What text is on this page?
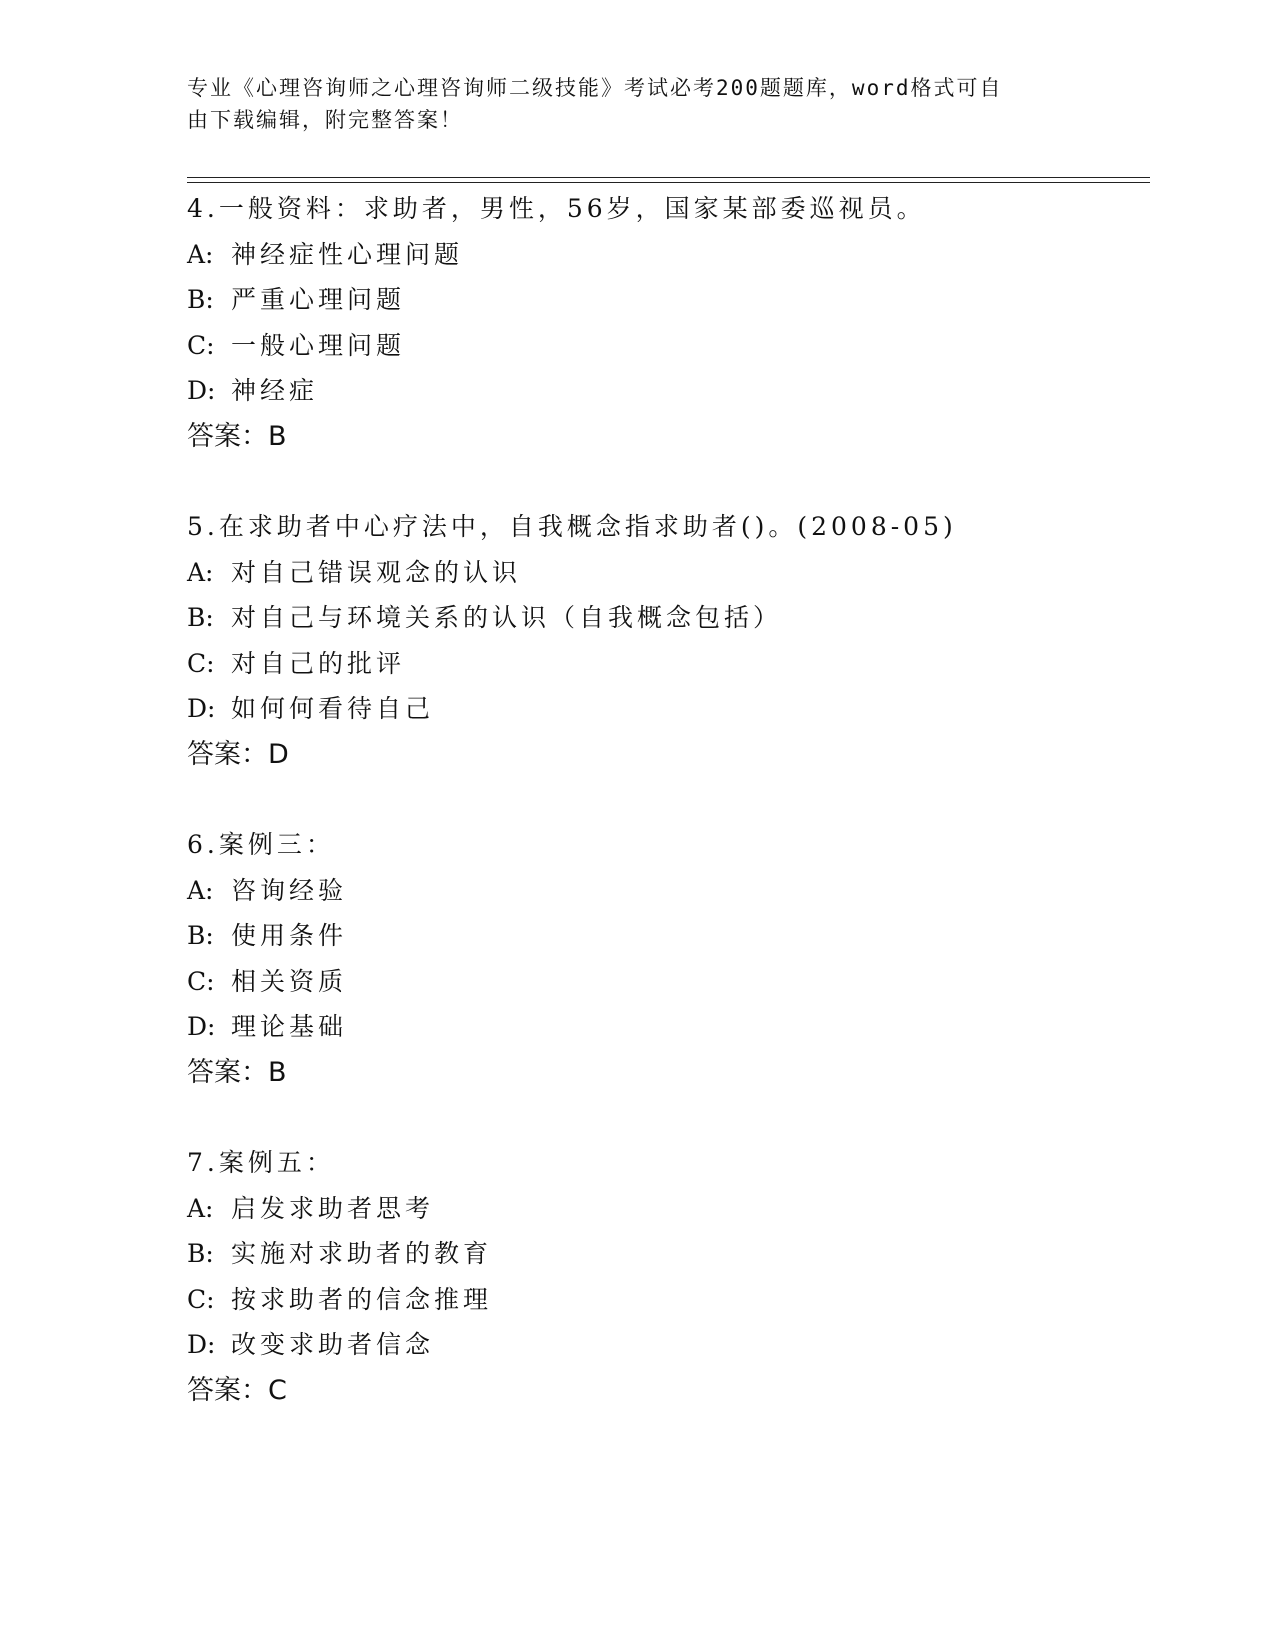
专业《心理咨询师之心理咨询师二级技能》考试必考200题题库，word格式可自
由下载编辑，附完整答案！
4.一般资料：求助者，男性，56岁，国家某部委巡视员。
A: 神经症性心理问题
B: 严重心理问题
C: 一般心理问题
D: 神经症
答案：B
5.在求助者中心疗法中，自我概念指求助者()。(2008-05)
A: 对自己错误观念的认识
B: 对自己与环境关系的认识（自我概念包括）
C: 对自己的批评
D: 如何何看待自己
答案：D
6.案例三：
A: 咨询经验
B: 使用条件
C: 相关资质
D: 理论基础
答案：B
7.案例五：
A: 启发求助者思考
B: 实施对求助者的教育
C: 按求助者的信念推理
D: 改变求助者信念
答案：C
